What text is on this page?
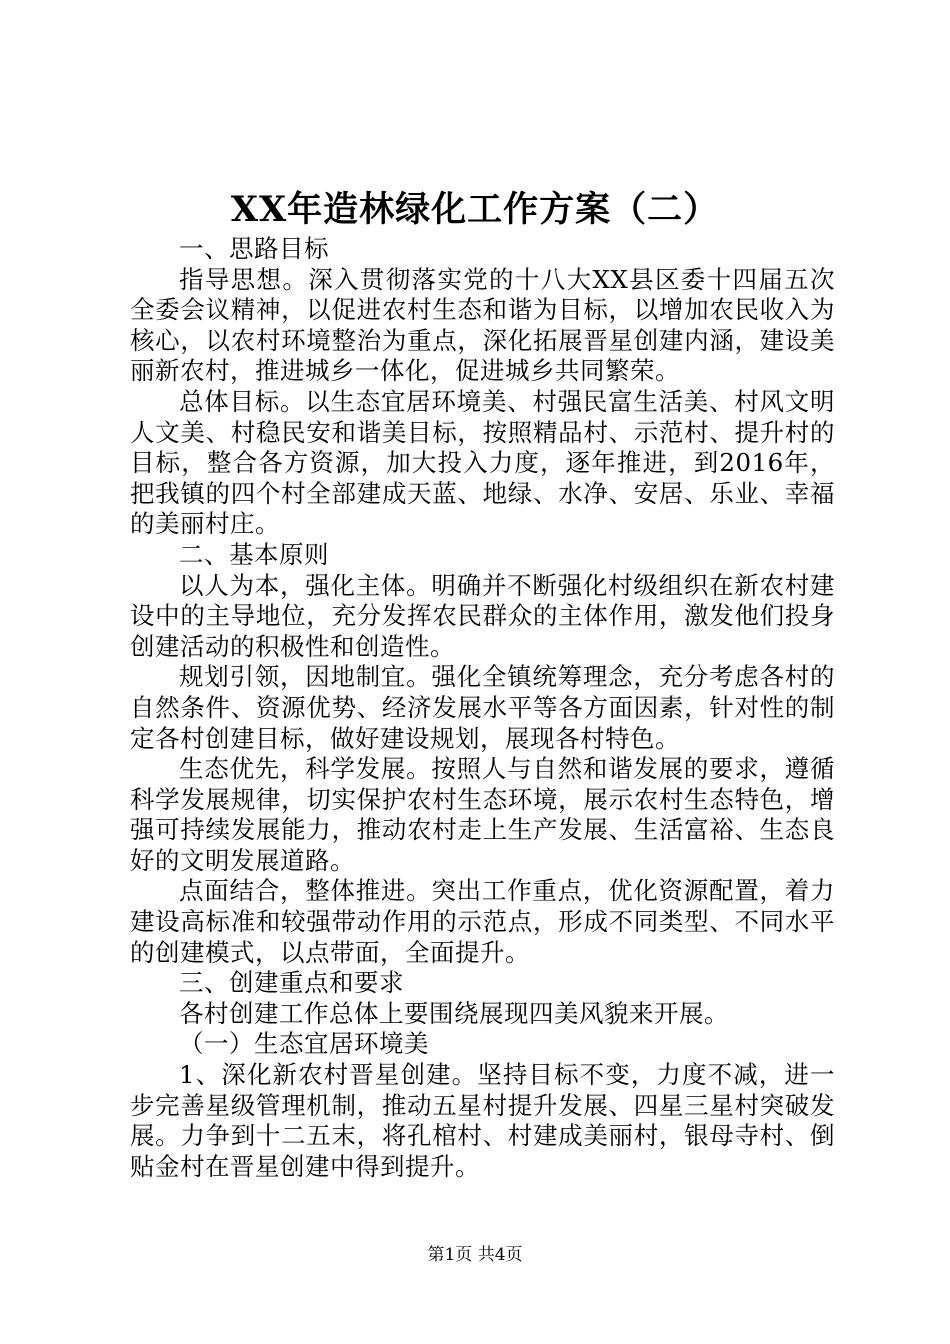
XX年造林绿化工作方案（二）

一、思路目标

指导思想。深入贯彻落实党的十八大XX县区委十四届五次全委会议精神，以促进农村生态和谐为目标，以增加农民收入为核心，以农村环境整治为重点，深化拓展晋星创建内涵，建设美丽新农村，推进城乡一体化，促进城乡共同繁荣。

总体目标。以生态宜居环境美、村强民富生活美、村风文明人文美、村稳民安和谐美目标，按照精品村、示范村、提升村的目标，整合各方资源，加大投入力度，逐年推进，到2016年，把我镇的四个村全部建成天蓝、地绿、水净、安居、乐业、幸福的美丽村庄。

二、基本原则

以人为本，强化主体。明确并不断强化村级组织在新农村建设中的主导地位，充分发挥农民群众的主体作用，激发他们投身创建活动的积极性和创造性。

规划引领，因地制宜。强化全镇统筹理念，充分考虑各村的自然条件、资源优势、经济发展水平等各方面因素，针对性的制定各村创建目标，做好建设规划，展现各村特色。

生态优先，科学发展。按照人与自然和谐发展的要求，遵循科学发展规律，切实保护农村生态环境，展示农村生态特色，增强可持续发展能力，推动农村走上生产发展、生活富裕、生态良好的文明发展道路。

点面结合，整体推进。突出工作重点，优化资源配置，着力建设高标准和较强带动作用的示范点，形成不同类型、不同水平的创建模式，以点带面，全面提升。

三、创建重点和要求

各村创建工作总体上要围绕展现四美风貌来开展。

（一）生态宜居环境美

1、深化新农村晋星创建。坚持目标不变，力度不减，进一步完善星级管理机制，推动五星村提升发展、四星三星村突破发展。力争到十二五末，将孔棺村、村建成美丽村，银母寺村、倒贴金村在晋星创建中得到提升。

第1页 共4页
